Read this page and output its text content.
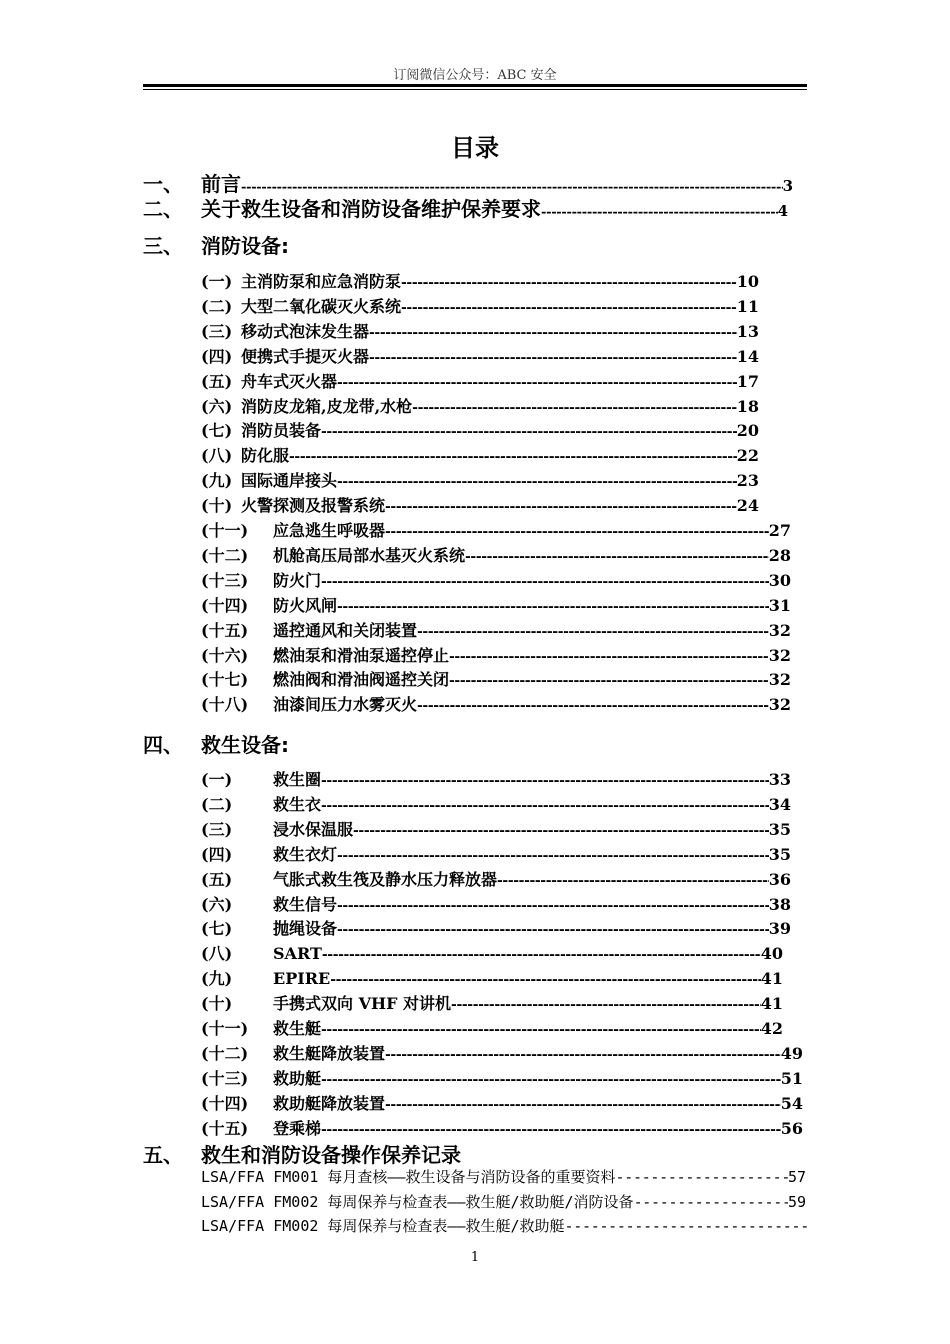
订阅微信公众号：ABC 安全
目录
一、 前言 -----	3
二、 关于救生设备和消防设备维护保养要求 -----	4
三、 消防设备:
(一) 主消防泵和应急消防泵 -----	10
(二) 大型二氧化碳灭火系统 -----	11
(三) 移动式泡沫发生器 -----	13
(四) 便携式手提灭火器 -----	14
(五) 舟车式灭火器 -----	17
(六) 消防皮龙箱,皮龙带,水枪 -----	18
(七) 消防员装备 -----	20
(八) 防化服 -----	22
(九) 国际通岸接头 -----	23
(十) 火警探测及报警系统 -----	24
(十一)	应急逃生呼吸器 -----	27
(十二)	机舱高压局部水基灭火系统 -----	28
(十三)	防火门 -----	30
(十四)	防火风闸 -----	31
(十五)	遥控通风和关闭装置 -----	32
(十六)	燃油泵和滑油泵遥控停止 -----	32
(十七)	燃油阀和滑油阀遥控关闭 -----	32
(十八)	油漆间压力水雾灭火 -----	32
四、 救生设备:
(一)	救生圈 -----	33
(二)	救生衣 -----	34
(三)	浸水保温服 -----	35
(四)	救生衣灯 -----	35
(五)	气胀式救生筏及静水压力释放器 -----	36
(六)	救生信号 -----	38
(七)	抛绳设备 -----	39
(八)	SART -----	40
(九)	EPIRE -----	41
(十)	手携式双向 VHF 对讲机 -----	41
(十一)	救生艇 -----	42
(十二)	救生艇降放装置 -----	49
(十三)	救助艇 -----	51
(十四)	救助艇降放装置 -----	54
(十五)	登乘梯 -----	56
五、 救生和消防设备操作保养记录
LSA/FFA FM001 每月查核——救生设备与消防设备的重要资料 -----	57
LSA/FFA FM002 每周保养与检查表——救生艇/救助艇/消防设备 -----	59
LSA/FFA FM002 每周保养与检查表——救生艇/救助艇
-----
1
